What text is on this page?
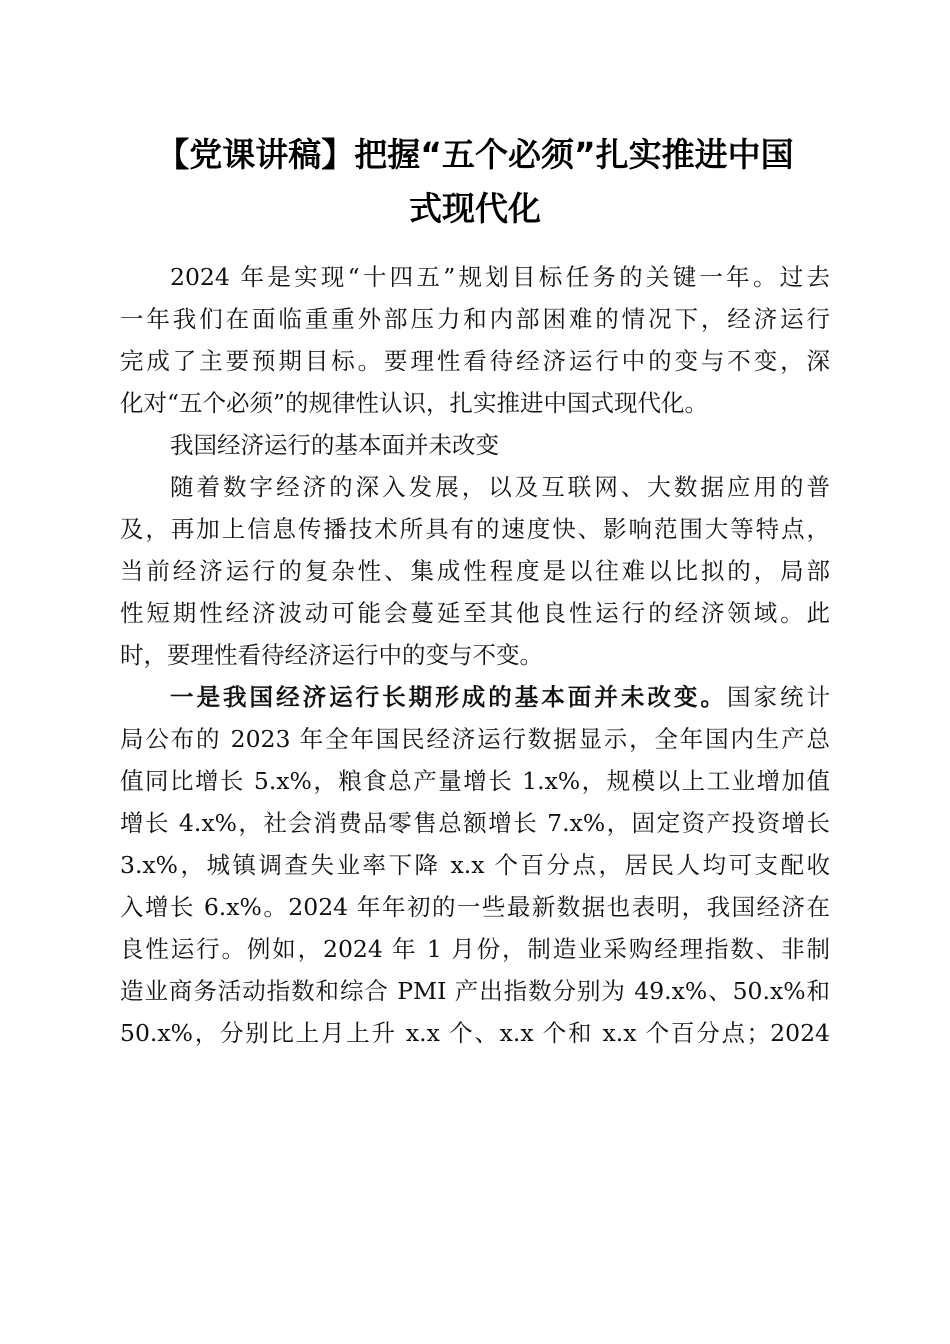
【党课讲稿】把握“五个必须”扎实推进中国
式现代化
2024 年是实现“十四五”规划目标任务的关键一年。过去
一年我们在面临重重外部压力和内部困难的情况下，经济运行
完成了主要预期目标。要理性看待经济运行中的变与不变，深
化对“五个必须”的规律性认识，扎实推进中国式现代化。
我国经济运行的基本面并未改变
随着数字经济的深入发展，以及互联网、大数据应用的普
及，再加上信息传播技术所具有的速度快、影响范围大等特点，
当前经济运行的复杂性、集成性程度是以往难以比拟的，局部
性短期性经济波动可能会蔓延至其他良性运行的经济领域。此
时，要理性看待经济运行中的变与不变。
一是我国经济运行长期形成的基本面并未改变。国家统计
局公布的 2023 年全年国民经济运行数据显示，全年国内生产总
值同比增长 5.x%，粮食总产量增长 1.x%，规模以上工业增加值
增长 4.x%，社会消费品零售总额增长 7.x%，固定资产投资增长
3.x%，城镇调查失业率下降 x.x 个百分点，居民人均可支配收
入增长 6.x%。2024 年年初的一些最新数据也表明，我国经济在
良性运行。例如，2024 年 1 月份，制造业采购经理指数、非制
造业商务活动指数和综合 PMI 产出指数分别为 49.x%、50.x%和
50.x%，分别比上月上升 x.x 个、x.x 个和 x.x 个百分点；2024
